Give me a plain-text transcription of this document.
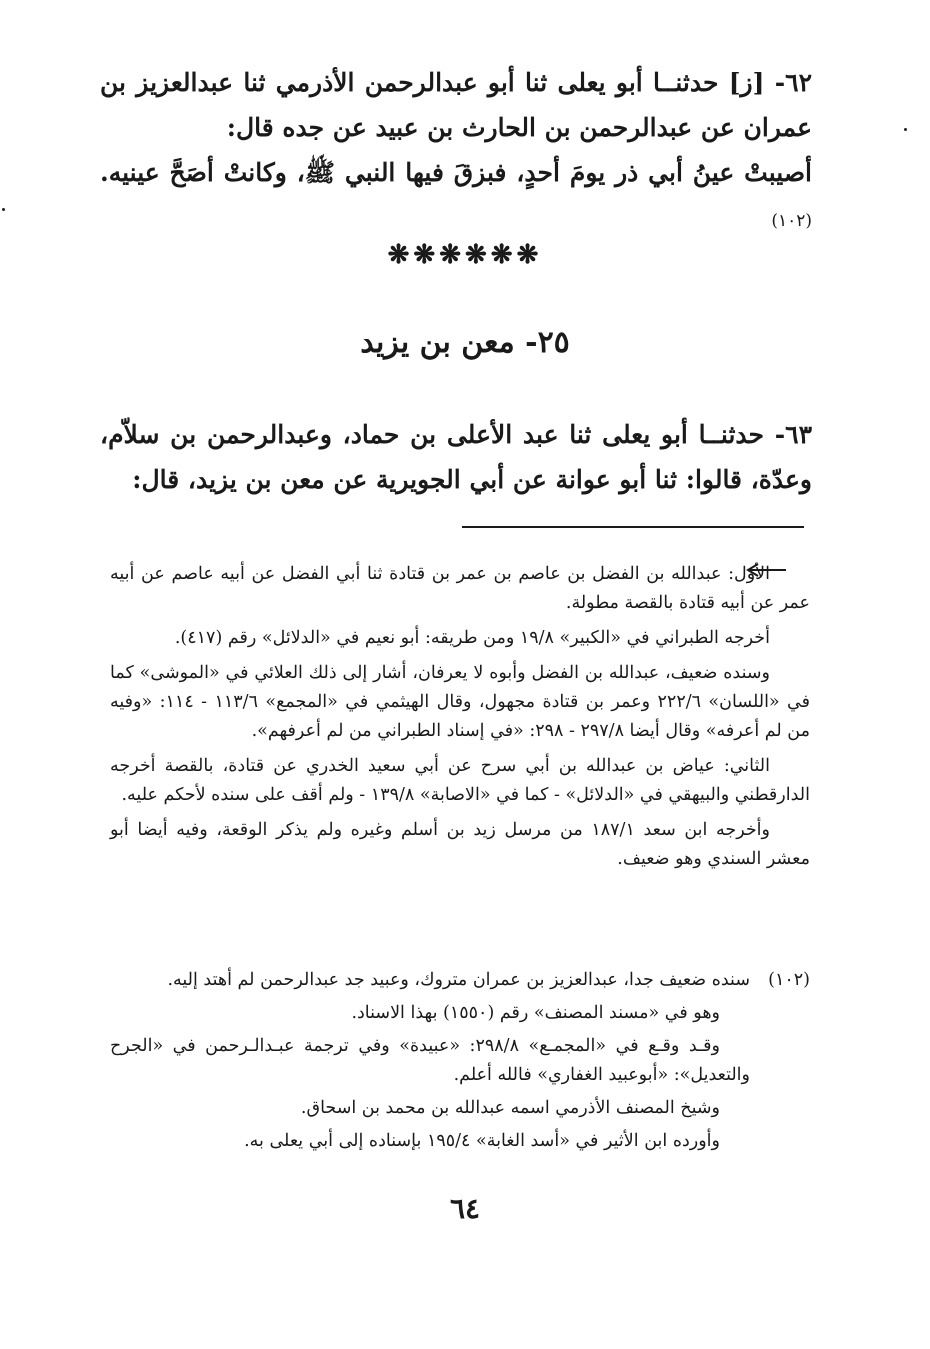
٦٢- [ز] حدثنــا أبو يعلى ثنا أبو عبدالرحمن الأذرمي ثنا عبدالعزيز بن عمران عن عبدالرحمن بن الحارث بن عبيد عن جده قال:

أصيبتْ عينُ أبي ذر يومَ أحدٍ، فبزقَ فيها النبي ﷺ، وكانتْ أصَحَّ عينيه. (١٠٢)

❋❋❋❋❋❋
٢٥- معن بن يزيد

٦٣- حدثنــا أبو يعلى ثنا عبد الأعلى بن حماد، وعبدالرحمن بن سلاّم، وعدّة، قالوا: ثنا أبو عوانة عن أبي الجويرية عن معن بن يزيد، قال:

الأول: عبدالله بن الفضل بن عاصم بن عمر بن قتادة ثنا أبي الفضل عن أبيه عاصم عن أبيه عمر عن أبيه قتادة بالقصة مطولة.

أخرجه الطبراني في «الكبير» ١٩/٨ ومن طريقه: أبو نعيم في «الدلائل» رقم (٤١٧).

وسنده ضعيف، عبدالله بن الفضل وأبوه لا يعرفان، أشار إلى ذلك العلائي في «الموشى» كما في «اللسان» ٢٢٢/٦ وعمر بن قتادة مجهول، وقال الهيثمي في «المجمع» ١١٣/٦ - ١١٤: «وفيه من لم أعرفه» وقال أيضا ٢٩٧/٨ - ٢٩٨: «في إسناد الطبراني من لم أعرفهم».

الثاني: عياض بن عبدالله بن أبي سرح عن أبي سعيد الخدري عن قتادة، بالقصة أخرجه الدارقطني والبيهقي في «الدلائل» - كما في «الاصابة» ١٣٩/٨ - ولم أقف على سنده لأحكم عليه.

وأخرجه ابن سعد ١٨٧/١ من مرسل زيد بن أسلم وغيره ولم يذكر الوقعة، وفيه أيضا أبو معشر السندي وهو ضعيف.

(١٠٢)

سنده ضعيف جدا، عبدالعزيز بن عمران متروك، وعبيد جد عبدالرحمن لم أهتد إليه.

وهو في «مسند المصنف» رقم (١٥٥٠) بهذا الاسناد.

وقـد وقـع في «المجمـع» ٢٩٨/٨: «عبيدة» وفي ترجمة عبـدالـرحمن في «الجرح والتعديل»: «أبوعبيد الغفاري» فالله أعلم.

وشيخ المصنف الأذرمي اسمه عبدالله بن محمد بن اسحاق.

وأورده ابن الأثير في «أسد الغابة» ١٩٥/٤ بإسناده إلى أبي يعلى به.

٦٤
